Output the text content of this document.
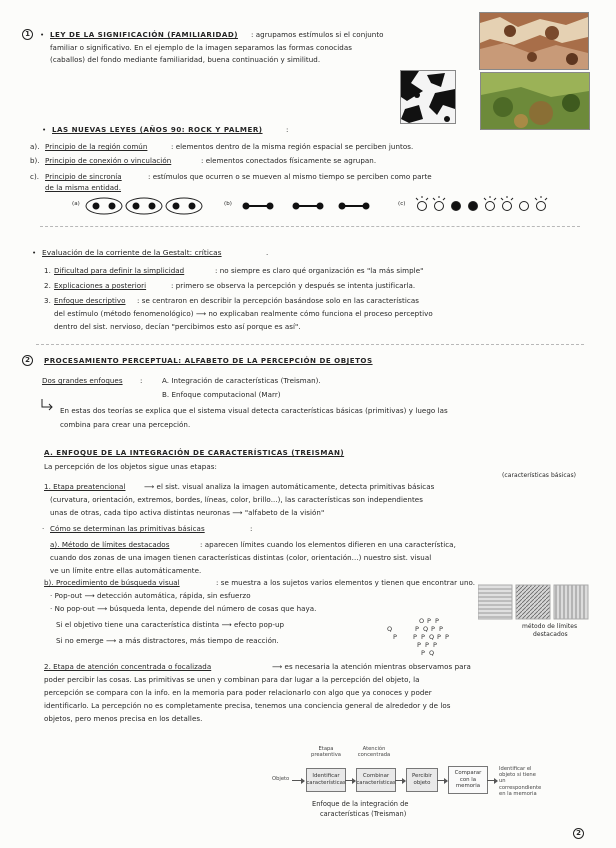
1	• LEY DE LA SIGNIFICACIÓN (FAMILIARIDAD) : agrupamos estímulos si el conjunto
familiar o significativo. En el ejemplo de la imagen separamos las formas conocidas
(caballos) del fondo mediante familiaridad, buena continuación y similitud.
• LAS NUEVAS LEYES (AÑOS 90: ROCK Y PALMER)	:
a). Principio de la región común	: elementos dentro de la misma región espacial se perciben juntos.
b). Principio de conexión o vinculación	: elementos conectados físicamente se agrupan.
c). Principio de sincronía	: estímulos que ocurren o se mueven al mismo tiempo se perciben como parte
de la misma entidad.
(a)	(b)	(c)
• Evaluación de la corriente de la Gestalt: críticas	.
1. Dificultad para definir la simplicidad	: no siempre es claro qué organización es "la más simple"
2. Explicaciones a posteriori	: primero se observa la percepción y después se intenta justificarla.
3. Enfoque descriptivo : se centraron en describir la percepción basándose solo en las características
del estímulo (método fenomenológico) ⟶ no explicaban realmente cómo funciona el proceso perceptivo
dentro del sist. nervioso, decían "percibimos esto así porque es así".
2	PROCESAMIENTO PERCEPTUAL: ALFABETO DE LA PERCEPCIÓN DE OBJETOS
Dos grandes enfoques :	A. Integración de características (Treisman).
B. Enfoque computacional (Marr)
En estas dos teorías se explica que el sistema visual detecta características básicas (primitivas) y luego las
combina para crear una percepción.
A. ENFOQUE DE LA INTEGRACIÓN DE CARACTERÍSTICAS (TREISMAN)
La percepción de los objetos sigue unas etapas:
(características básicas)
1. Etapa preatencional	⟶ el sist. visual analiza la imagen automáticamente, detecta primitivas básicas
(curvatura, orientación, extremos, bordes, líneas, color, brillo...), las características son independientes
unas de otras, cada tipo activa distintas neuronas ⟶ "alfabeto de la visión"
· Cómo se determinan las primitivas básicas	:
a). Método de límites destacados	: aparecen límites cuando los elementos difieren en una característica,
cuando dos zonas de una imagen tienen características distintas (color, orientación...) nuestro sist. visual
ve un límite entre ellas automáticamente.
b). Procedimiento de búsqueda visual	: se muestra a los sujetos varios elementos y tienen que encontrar uno.
· Pop-out ⟶ detección automática, rápida, sin esfuerzo
· No pop-out ⟶ búsqueda lenta, depende del número de cosas que haya.
Si el objetivo tiene una característica distinta ⟶ efecto pop-up
Si no emerge ⟶ a más distractores, más tiempo de reacción.
Q
P
O P P
P Q P P
P P Q P P
P P P
P Q
método de límites
destacados
2. Etapa de atención concentrada o focalizada	⟶ es necesaria la atención mientras observamos para
poder percibir las cosas. Las primitivas se unen y combinan para dar lugar a la percepción del objeto, la
percepción se compara con la info. en la memoria para poder relacionarlo con algo que ya conoces y poder
identificarlo. La percepción no es completamente precisa, tenemos una conciencia general de alrededor y de los
objetos, pero menos precisa en los detalles.
Etapa preatentiva
Atención concentrada
Objeto	Identificar características
Combinar características
Percibir objeto
Comparar con la memoria
Identificar el objeto si tiene un correspondiente en la memoria
Enfoque de la integración de
características (Treisman)
2
